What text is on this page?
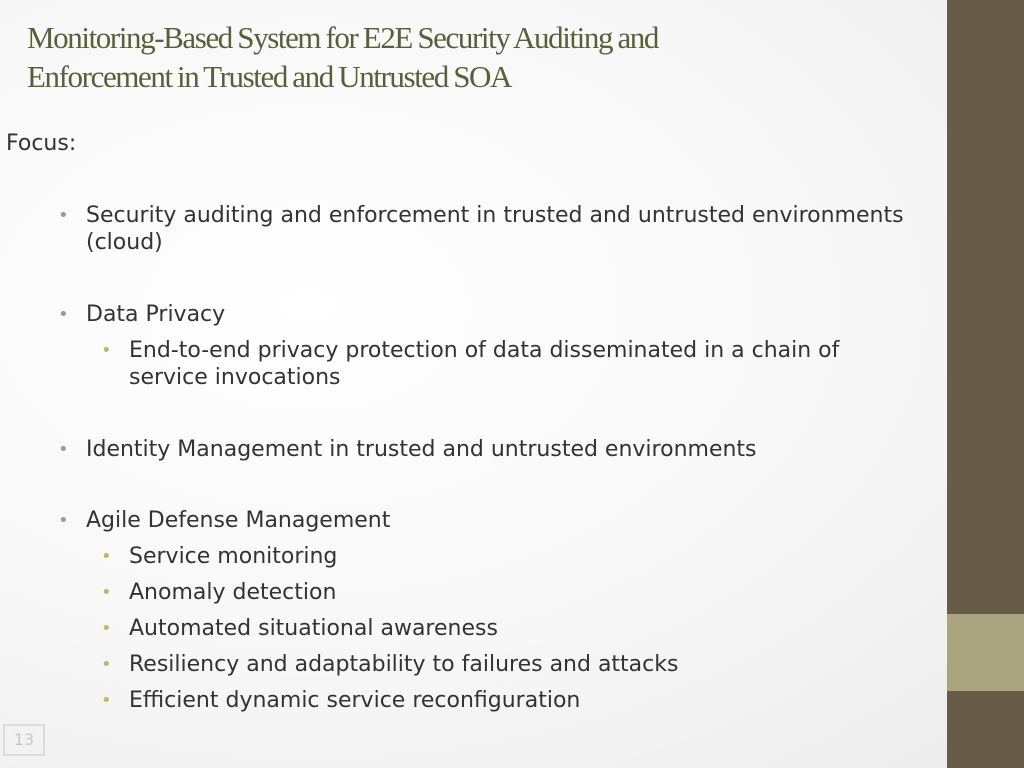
Monitoring-Based System for E2E Security Auditing and
Enforcement in Trusted and Untrusted SOA
Focus:
• Security auditing and enforcement in trusted and untrusted environments (cloud)
• Data Privacy
• End-to-end privacy protection of data disseminated in a chain of service invocations
• Identity Management in trusted and untrusted environments
• Agile Defense Management
• Service monitoring
• Anomaly detection
• Automated situational awareness
• Resiliency and adaptability to failures and attacks
• Efficient dynamic service reconfiguration
13
